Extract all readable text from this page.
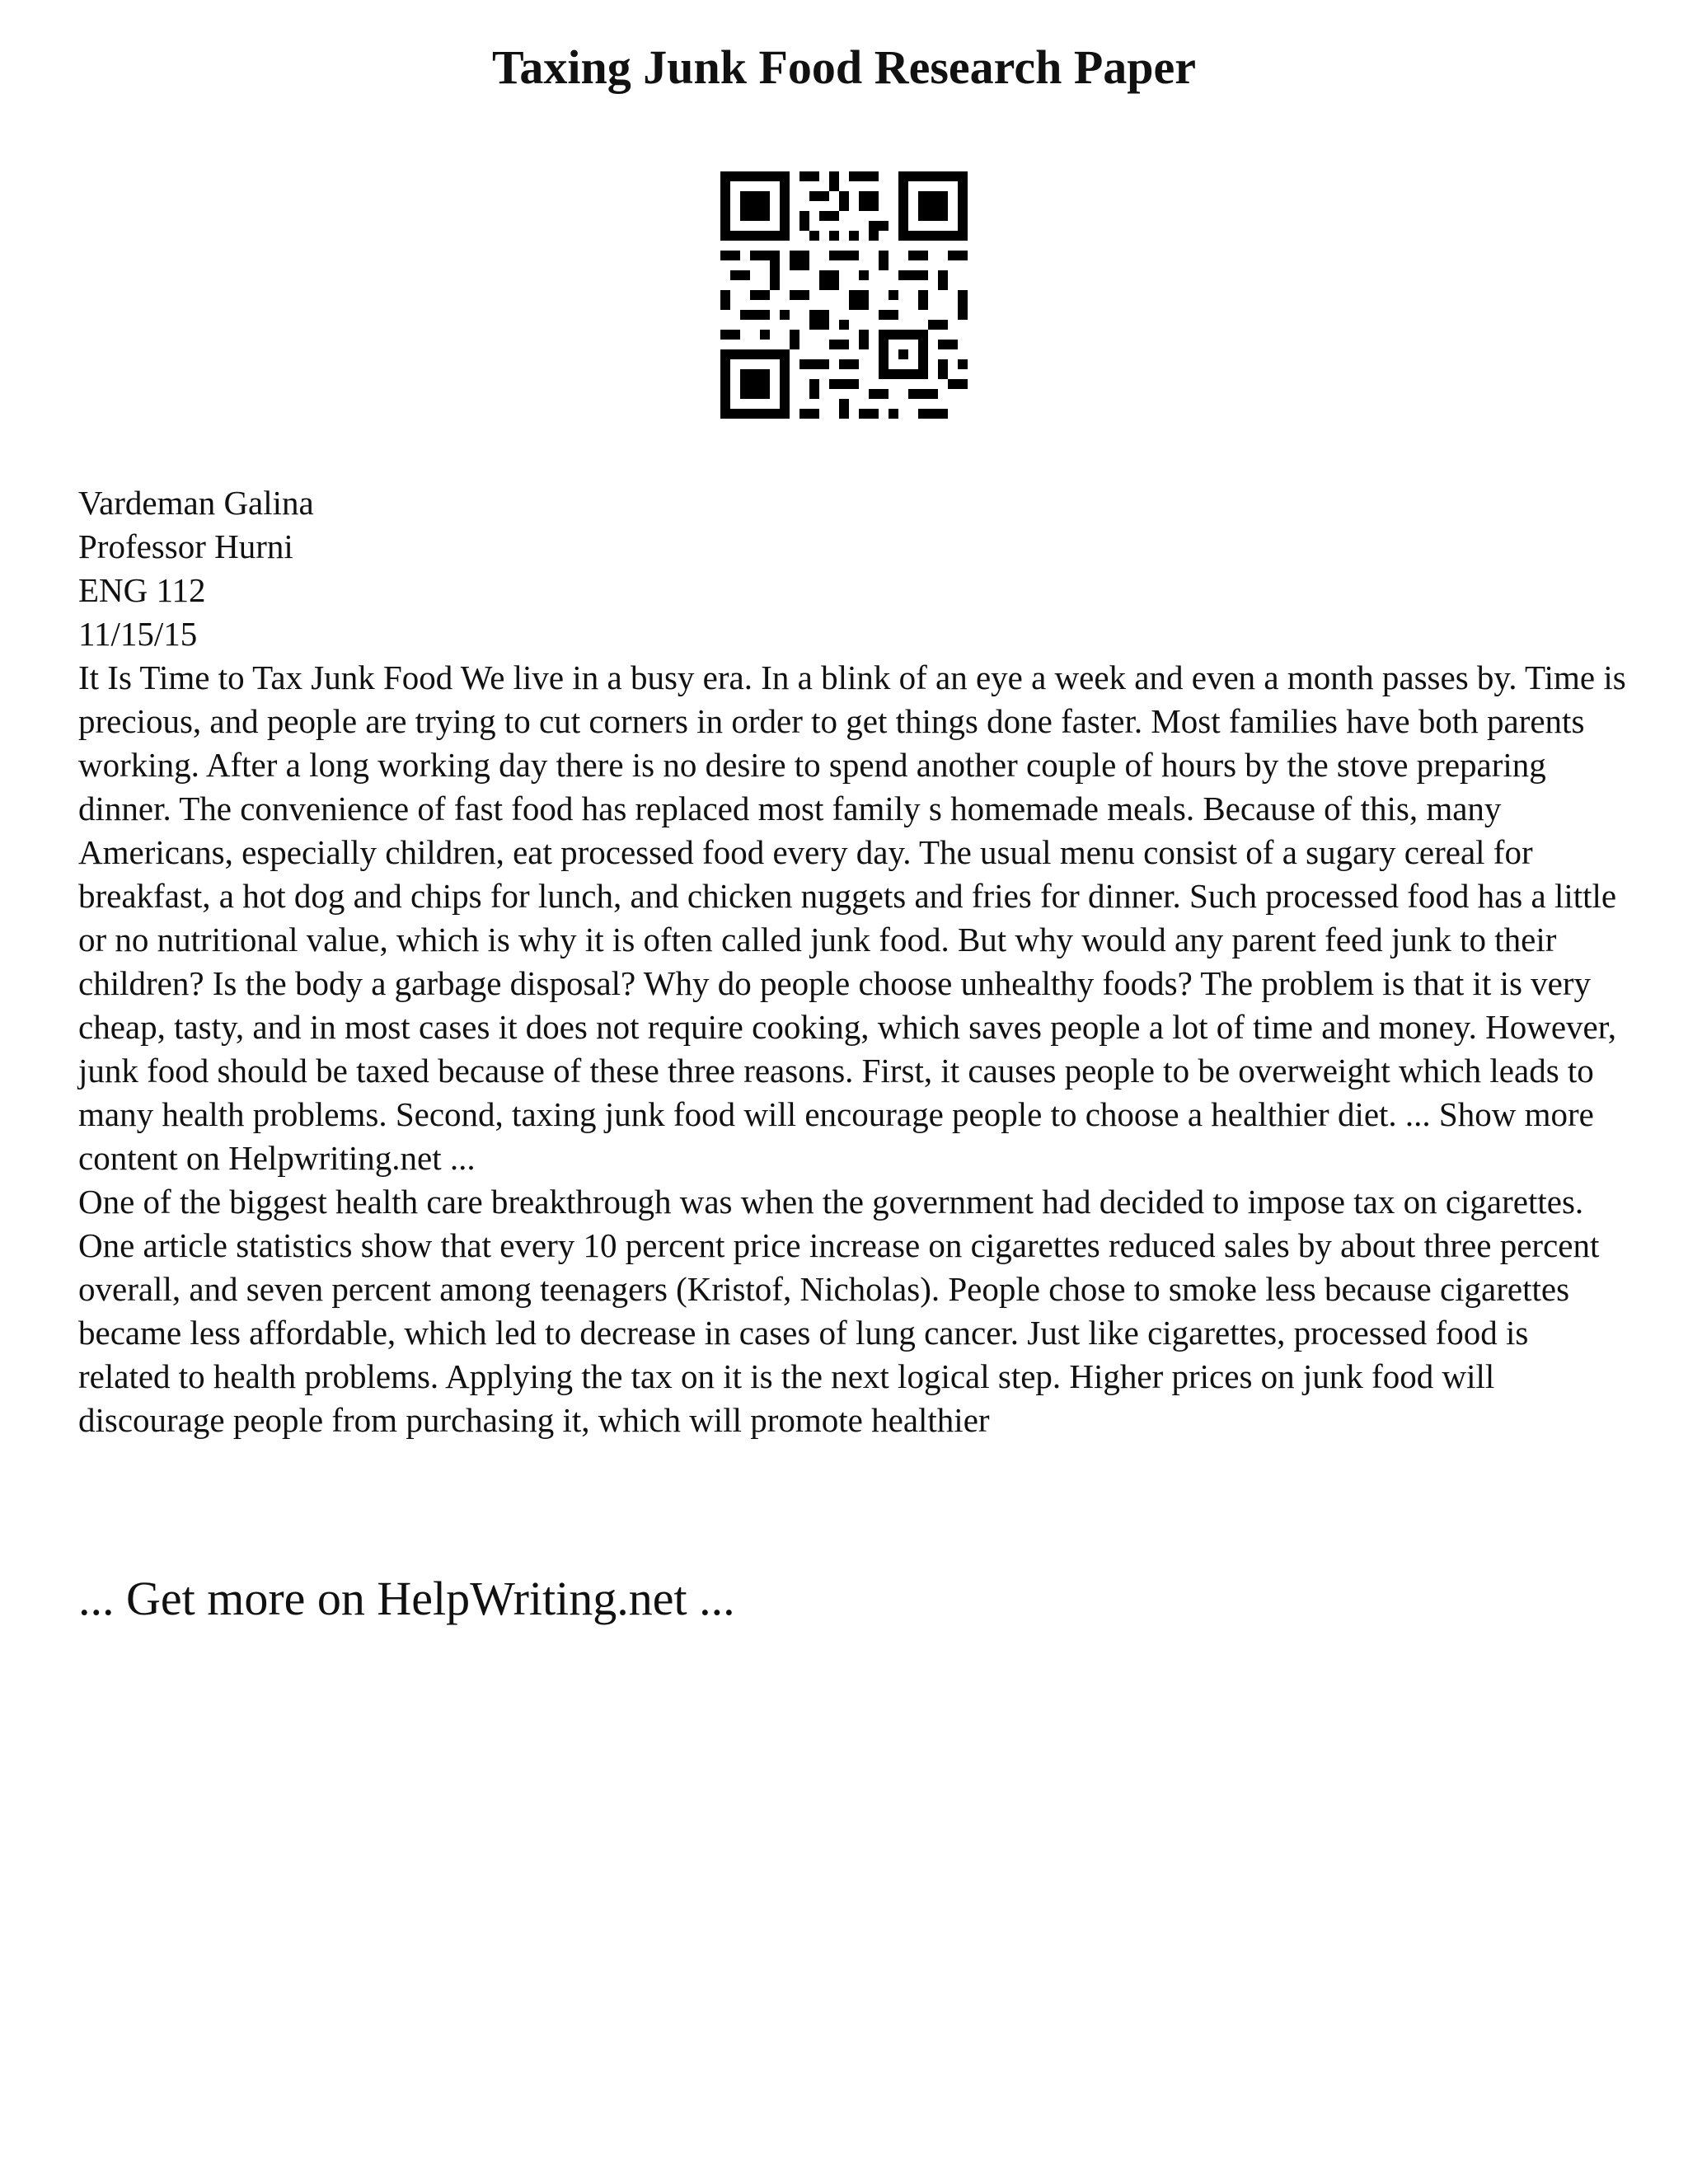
Taxing Junk Food Research Paper
Vardeman Galina
Professor Hurni
ENG 112
11/15/15

It Is Time to Tax Junk Food We live in a busy era. In a blink of an eye a week and even a month passes by. Time is precious, and people are trying to cut corners in order to get things done faster. Most families have both parents working. After a long working day there is no desire to spend another couple of hours by the stove preparing dinner. The convenience of fast food has replaced most family s homemade meals. Because of this, many Americans, especially children, eat processed food every day. The usual menu consist of a sugary cereal for breakfast, a hot dog and chips for lunch, and chicken nuggets and fries for dinner. Such processed food has a little or no nutritional value, which is why it is often called junk food. But why would any parent feed junk to their children? Is the body a garbage disposal? Why do people choose unhealthy foods? The problem is that it is very cheap, tasty, and in most cases it does not require cooking, which saves people a lot of time and money. However, junk food should be taxed because of these three reasons. First, it causes people to be overweight which leads to many health problems. Second, taxing junk food will encourage people to choose a healthier diet. ... Show more content on Helpwriting.net ...

One of the biggest health care breakthrough was when the government had decided to impose tax on cigarettes. One article statistics show that every 10 percent price increase on cigarettes reduced sales by about three percent overall, and seven percent among teenagers (Kristof, Nicholas). People chose to smoke less because cigarettes became less affordable, which led to decrease in cases of lung cancer. Just like cigarettes, processed food is related to health problems. Applying the tax on it is the next logical step. Higher prices on junk food will discourage people from purchasing it, which will promote healthier

... Get more on HelpWriting.net ...
